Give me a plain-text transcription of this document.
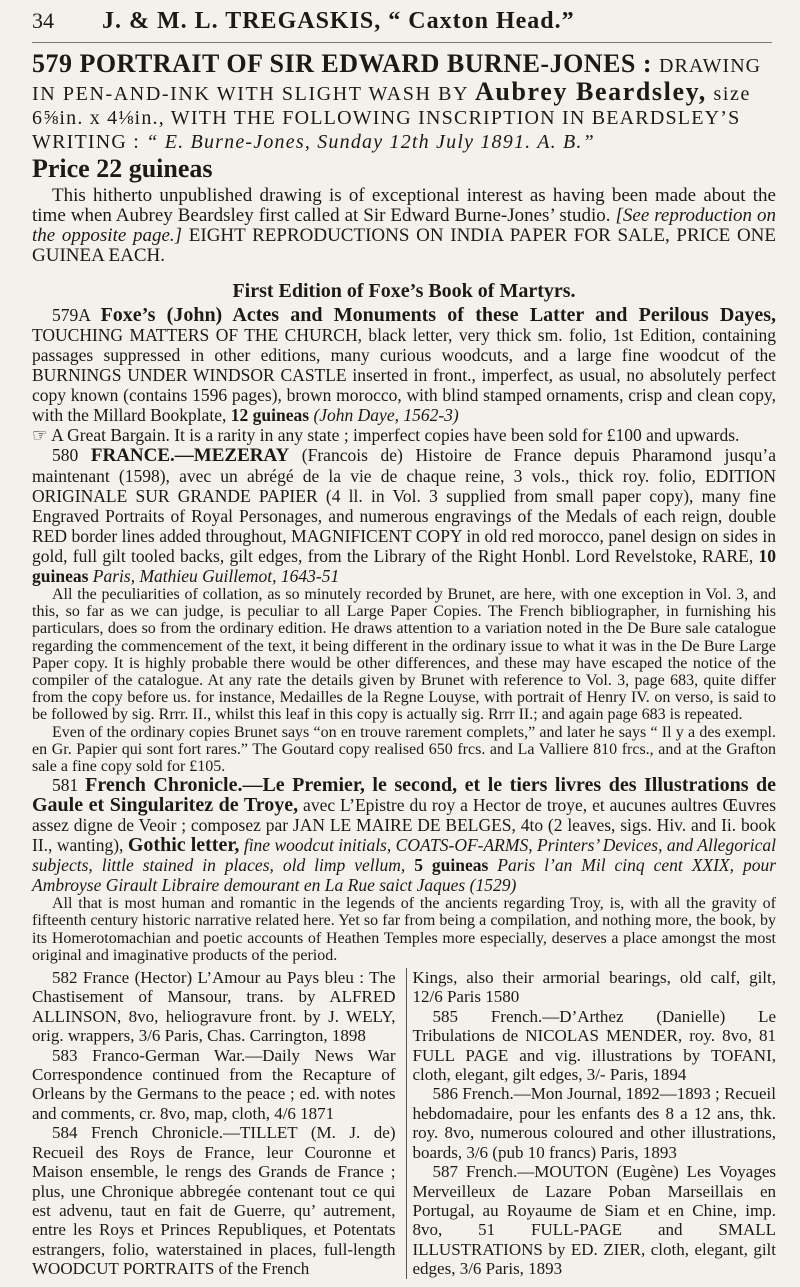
34	J. & M. L. TREGASKIS, “ Caxton Head.”

579 PORTRAIT OF SIR EDWARD BURNE-JONES : DRAWING

IN PEN-AND-INK WITH SLIGHT WASH BY Aubrey Beardsley, size

6⅝in. x 4⅛in., WITH THE FOLLOWING INSCRIPTION IN BEARDSLEY’S WRITING : “ E. Burne-Jones, Sunday 12th July 1891. A. B.”

Price 22 guineas

This hitherto unpublished drawing is of exceptional interest as having been made about the time when Aubrey Beardsley first called at Sir Edward Burne-Jones’ studio. [See reproduction on the opposite page.] EIGHT REPRODUCTIONS ON INDIA PAPER FOR SALE, PRICE ONE GUINEA EACH.

First Edition of Foxe’s Book of Martyrs.

579A Foxe’s (John) Actes and Monuments of these Latter and Perilous Dayes, TOUCHING MATTERS OF THE CHURCH, black letter, very thick sm. folio, 1st Edition, containing passages suppressed in other editions, many curious woodcuts, and a large fine woodcut of the BURNINGS UNDER WINDSOR CASTLE inserted in front., imperfect, as usual, no absolutely perfect copy known (contains 1596 pages), brown morocco, with blind stamped ornaments, crisp and clean copy, with the Millard Bookplate, 12 guineas (John Daye, 1562-3)
☞ A Great Bargain. It is a rarity in any state ; imperfect copies have been sold for £100 and upwards.
580 FRANCE.—MEZERAY (Francois de) Histoire de France depuis Pharamond jusqu’a maintenant (1598), avec un abrégé de la vie de chaque reine, 3 vols., thick roy. folio, EDITION ORIGINALE SUR GRANDE PAPIER (4 ll. in Vol. 3 supplied from small paper copy), many fine Engraved Portraits of Royal Personages, and numerous engravings of the Medals of each reign, double RED border lines added throughout, MAGNIFICENT COPY in old red morocco, panel design on sides in gold, full gilt tooled backs, gilt edges, from the Library of the Right Honbl. Lord Revelstoke, RARE, 10 guineas Paris, Mathieu Guillemot, 1643-51

All the peculiarities of collation, as so minutely recorded by Brunet, are here, with one exception in Vol. 3, and this, so far as we can judge, is peculiar to all Large Paper Copies. The French bibliographer, in furnishing his particulars, does so from the ordinary edition. He draws attention to a variation noted in the De Bure sale catalogue regarding the commencement of the text, it being different in the ordinary issue to what it was in the De Bure Large Paper copy. It is highly probable there would be other differences, and these may have escaped the notice of the compiler of the catalogue. At any rate the details given by Brunet with reference to Vol. 3, page 683, quite differ from the copy before us. for instance, Medailles de la Regne Louyse, with portrait of Henry IV. on verso, is said to be followed by sig. Rrrr. II., whilst this leaf in this copy is actually sig. Rrrr II.; and again page 683 is repeated.

Even of the ordinary copies Brunet says “on en trouve rarement complets,” and later he says “ Il y a des exempl. en Gr. Papier qui sont fort rares.” The Goutard copy realised 650 frcs. and La Valliere 810 frcs., and at the Grafton sale a fine copy sold for £105.

581 French Chronicle.—Le Premier, le second, et le tiers livres des Illustrations de Gaule et Singularitez de Troye, avec L’Epistre du roy a Hector de troye, et aucunes aultres Œuvres assez digne de Veoir ; composez par JAN LE MAIRE DE BELGES, 4to (2 leaves, sigs. Hiv. and Ii. book II., wanting), Gothic letter, fine woodcut initials, COATS-OF-ARMS, Printers’ Devices, and Allegorical subjects, little stained in places, old limp vellum, 5 guineas Paris l’an Mil cinq cent XXIX, pour Ambroyse Girault Libraire demourant en La Rue saict Jaques (1529)

All that is most human and romantic in the legends of the ancients regarding Troy, is, with all the gravity of fifteenth century historic narrative related here. Yet so far from being a compilation, and nothing more, the book, by its Homerotomachian and poetic accounts of Heathen Temples more especially, deserves a place amongst the most original and imaginative products of the period.

582 France (Hector) L’Amour au Pays bleu : The Chastisement of Mansour, trans. by ALFRED ALLINSON, 8vo, heliogravure front. by J. WELY, orig. wrappers, 3/6 Paris, Chas. Carrington, 1898

583 Franco-German War.—Daily News War Correspondence continued from the Recapture of Orleans by the Germans to the peace ; ed. with notes and comments, cr. 8vo, map, cloth, 4/6 1871

584 French Chronicle.—TILLET (M. J. de) Recueil des Roys de France, leur Couronne et Maison ensemble, le rengs des Grands de France ; plus, une Chronique abbregée contenant tout ce qui est advenu, taut en fait de Guerre, qu’ autrement, entre les Roys et Princes Republiques, et Potentats estrangers, folio, waterstained in places, full-length WOODCUT PORTRAITS of the French

Kings, also their armorial bearings, old calf, gilt, 12/6 Paris 1580

585 French.—D’Arthez (Danielle) Le Tribulations de NICOLAS MENDER, roy. 8vo, 81 FULL PAGE and vig. illustrations by TOFANI, cloth, elegant, gilt edges, 3/- Paris, 1894

586 French.—Mon Journal, 1892—1893 ; Recueil hebdomadaire, pour les enfants des 8 a 12 ans, thk. roy. 8vo, numerous coloured and other illustrations, boards, 3/6 (pub 10 francs) Paris, 1893

587 French.—MOUTON (Eugène) Les Voyages Merveilleux de Lazare Poban Marseillais en Portugal, au Royaume de Siam et en Chine, imp. 8vo, 51 FULL-PAGE and SMALL ILLUSTRATIONS by ED. ZIER, cloth, elegant, gilt edges, 3/6 Paris, 1893
